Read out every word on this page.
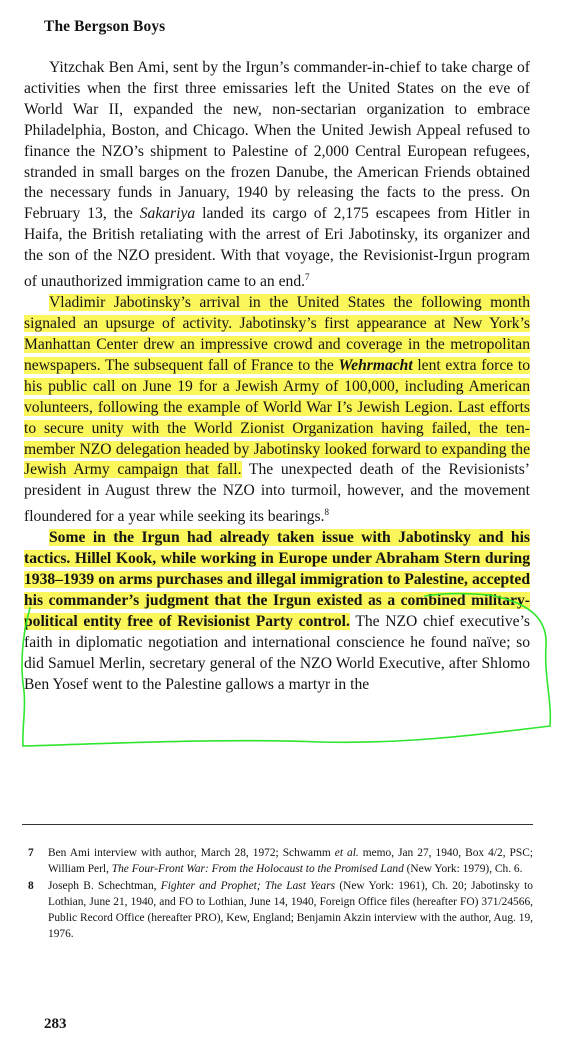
The Bergson Boys

Yitzchak Ben Ami, sent by the Irgun’s commander-in-chief to take charge of activities when the first three emissaries left the United States on the eve of World War II, expanded the new, non-sectarian organization to embrace Philadelphia, Boston, and Chicago. When the United Jewish Appeal refused to finance the NZO’s shipment to Palestine of 2,000 Central European refugees, stranded in small barges on the frozen Danube, the American Friends obtained the necessary funds in January, 1940 by releasing the facts to the press. On February 13, the Sakariya landed its cargo of 2,175 escapees from Hitler in Haifa, the British retaliating with the arrest of Eri Jabotinsky, its organizer and the son of the NZO president. With that voyage, the Revisionist-Irgun program of unauthorized immigration came to an end.$^7$

Vladimir Jabotinsky’s arrival in the United States the following month signaled an upsurge of activity. Jabotinsky’s first appearance at New York’s Manhattan Center drew an impressive crowd and coverage in the metropolitan newspapers. The subsequent fall of France to the Wehrmacht lent extra force to his public call on June 19 for a Jewish Army of 100,000, including American volunteers, following the example of World War I’s Jewish Legion. Last efforts to secure unity with the World Zionist Organization having failed, the ten-member NZO delegation headed by Jabotinsky looked forward to expanding the Jewish Army campaign that fall. The unexpected death of the Revisionists’ president in August threw the NZO into turmoil, however, and the movement floundered for a year while seeking its bearings.$^8$

Some in the Irgun had already taken issue with Jabotinsky and his tactics. Hillel Kook, while working in Europe under Abraham Stern during 1938–1939 on arms purchases and illegal immigration to Palestine, accepted his commander’s judgment that the Irgun existed as a combined military-political entity free of Revisionist Party control. The NZO chief executive’s faith in diplomatic negotiation and international conscience he found naïve; so did Samuel Merlin, secretary general of the NZO World Executive, after Shlomo Ben Yosef went to the Palestine gallows a martyr in the

7 Ben Ami interview with author, March 28, 1972; Schwamm et al. memo, Jan 27, 1940, Box 4/2, PSC; William Perl, The Four-Front War: From the Holocaust to the Promised Land (New York: 1979), Ch. 6.
8 Joseph B. Schechtman, Fighter and Prophet; The Last Years (New York: 1961), Ch. 20; Jabotinsky to Lothian, June 21, 1940, and FO to Lothian, June 14, 1940, Foreign Office files (hereafter FO) 371/24566, Public Record Office (hereafter PRO), Kew, England; Benjamin Akzin interview with the author, Aug. 19, 1976.
283
